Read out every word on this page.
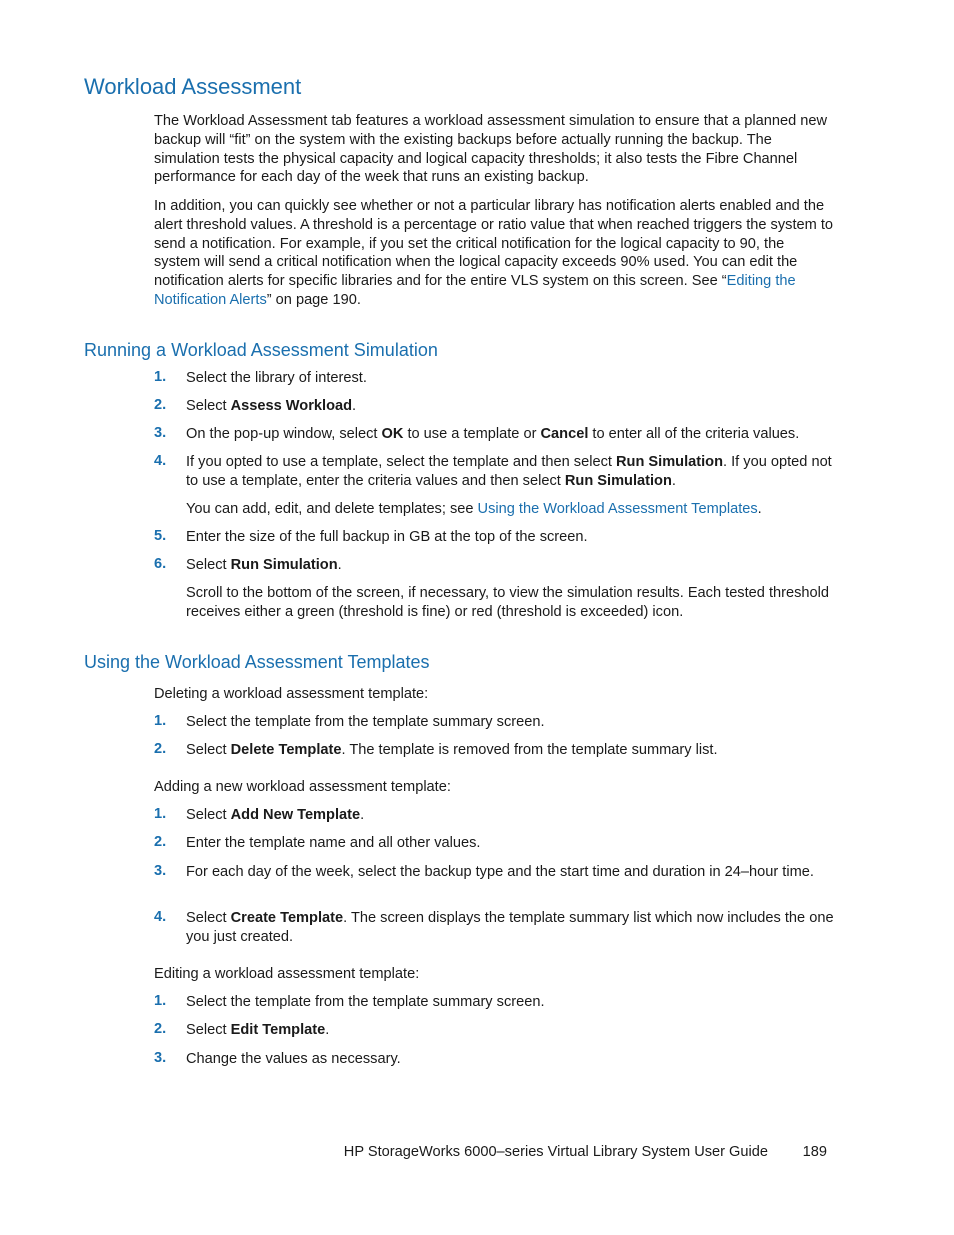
Workload Assessment

The Workload Assessment tab features a workload assessment simulation to ensure that a planned new backup will “fit” on the system with the existing backups before actually running the backup. The simulation tests the physical capacity and logical capacity thresholds; it also tests the Fibre Channel performance for each day of the week that runs an existing backup.

In addition, you can quickly see whether or not a particular library has notification alerts enabled and the alert threshold values. A threshold is a percentage or ratio value that when reached triggers the system to send a notification. For example, if you set the critical notification for the logical capacity to 90, the system will send a critical notification when the logical capacity exceeds 90% used. You can edit the notification alerts for specific libraries and for the entire VLS system on this screen. See “Editing the Notification Alerts” on page 190.

Running a Workload Assessment Simulation
1. Select the library of interest.
2. Select Assess Workload.
3. On the pop-up window, select OK to use a template or Cancel to enter all of the criteria values.
4. If you opted to use a template, select the template and then select Run Simulation. If you opted not to use a template, enter the criteria values and then select Run Simulation.
You can add, edit, and delete templates; see Using the Workload Assessment Templates.
5. Enter the size of the full backup in GB at the top of the screen.
6. Select Run Simulation.
Scroll to the bottom of the screen, if necessary, to view the simulation results. Each tested threshold receives either a green (threshold is fine) or red (threshold is exceeded) icon.
Using the Workload Assessment Templates
Deleting a workload assessment template:
1. Select the template from the template summary screen.
2. Select Delete Template. The template is removed from the template summary list.
Adding a new workload assessment template:
1. Select Add New Template.
2. Enter the template name and all other values.
3. For each day of the week, select the backup type and the start time and duration in 24–hour time.
4. Select Create Template. The screen displays the template summary list which now includes the one you just created.
Editing a workload assessment template:
1. Select the template from the template summary screen.
2. Select Edit Template.
3. Change the values as necessary.
HP StorageWorks 6000–series Virtual Library System User Guide 189
